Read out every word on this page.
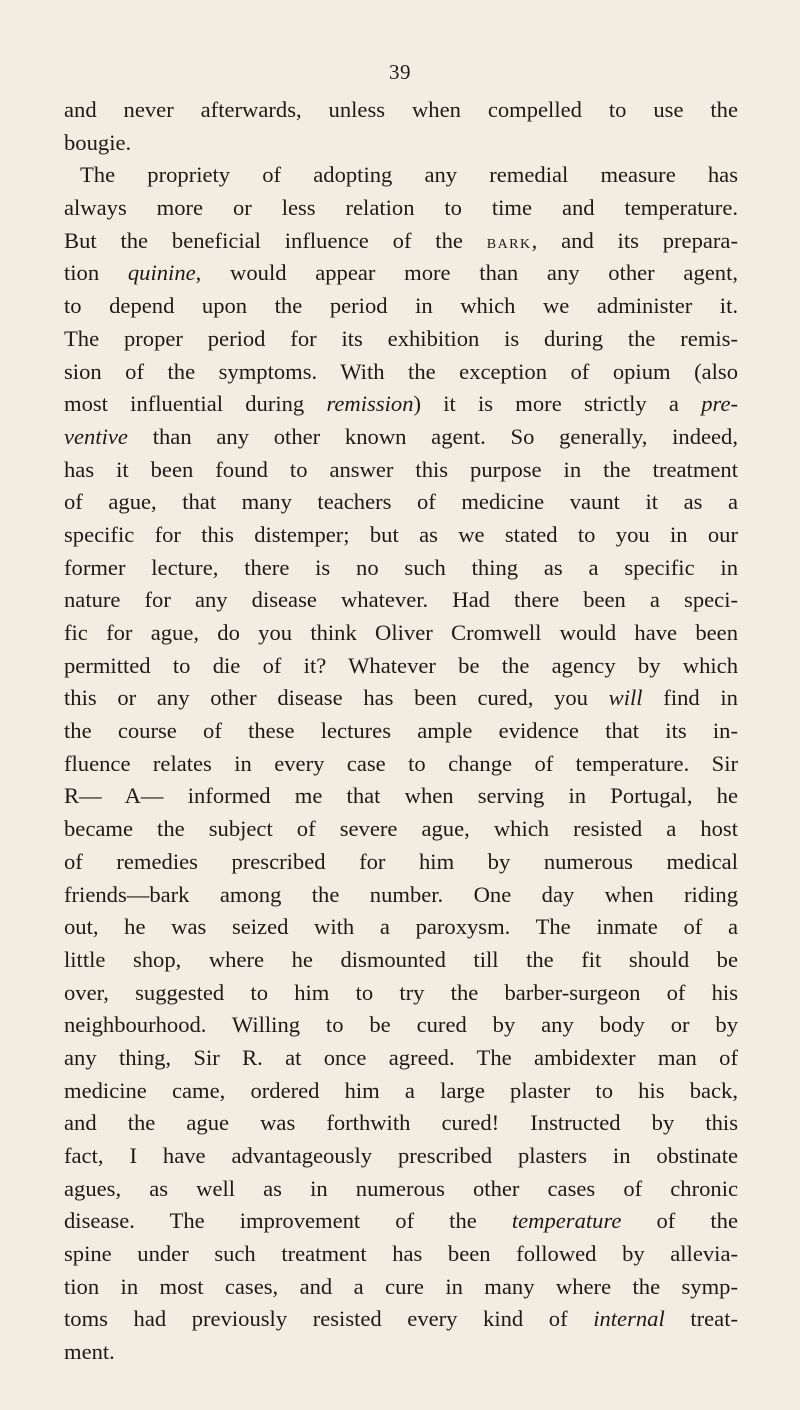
39
and never afterwards, unless when compelled to use the
bougie.
The propriety of adopting any remedial measure has
always more or less relation to time and temperature.
But the beneficial influence of the bark, and its prepara-
tion quinine, would appear more than any other agent,
to depend upon the period in which we administer it.
The proper period for its exhibition is during the remis-
sion of the symptoms. With the exception of opium (also
most influential during remission) it is more strictly a pre-
ventive than any other known agent. So generally, indeed,
has it been found to answer this purpose in the treatment
of ague, that many teachers of medicine vaunt it as a
specific for this distemper; but as we stated to you in our
former lecture, there is no such thing as a specific in
nature for any disease whatever. Had there been a speci-
fic for ague, do you think Oliver Cromwell would have been
permitted to die of it? Whatever be the agency by which
this or any other disease has been cured, you will find in
the course of these lectures ample evidence that its in-
fluence relates in every case to change of temperature. Sir
R— A— informed me that when serving in Portugal, he
became the subject of severe ague, which resisted a host
of remedies prescribed for him by numerous medical
friends—bark among the number. One day when riding
out, he was seized with a paroxysm. The inmate of a
little shop, where he dismounted till the fit should be
over, suggested to him to try the barber-surgeon of his
neighbourhood. Willing to be cured by any body or by
any thing, Sir R. at once agreed. The ambidexter man of
medicine came, ordered him a large plaster to his back,
and the ague was forthwith cured! Instructed by this
fact, I have advantageously prescribed plasters in obstinate
agues, as well as in numerous other cases of chronic
disease. The improvement of the temperature of the
spine under such treatment has been followed by allevia-
tion in most cases, and a cure in many where the symp-
toms had previously resisted every kind of internal treat-
ment.
